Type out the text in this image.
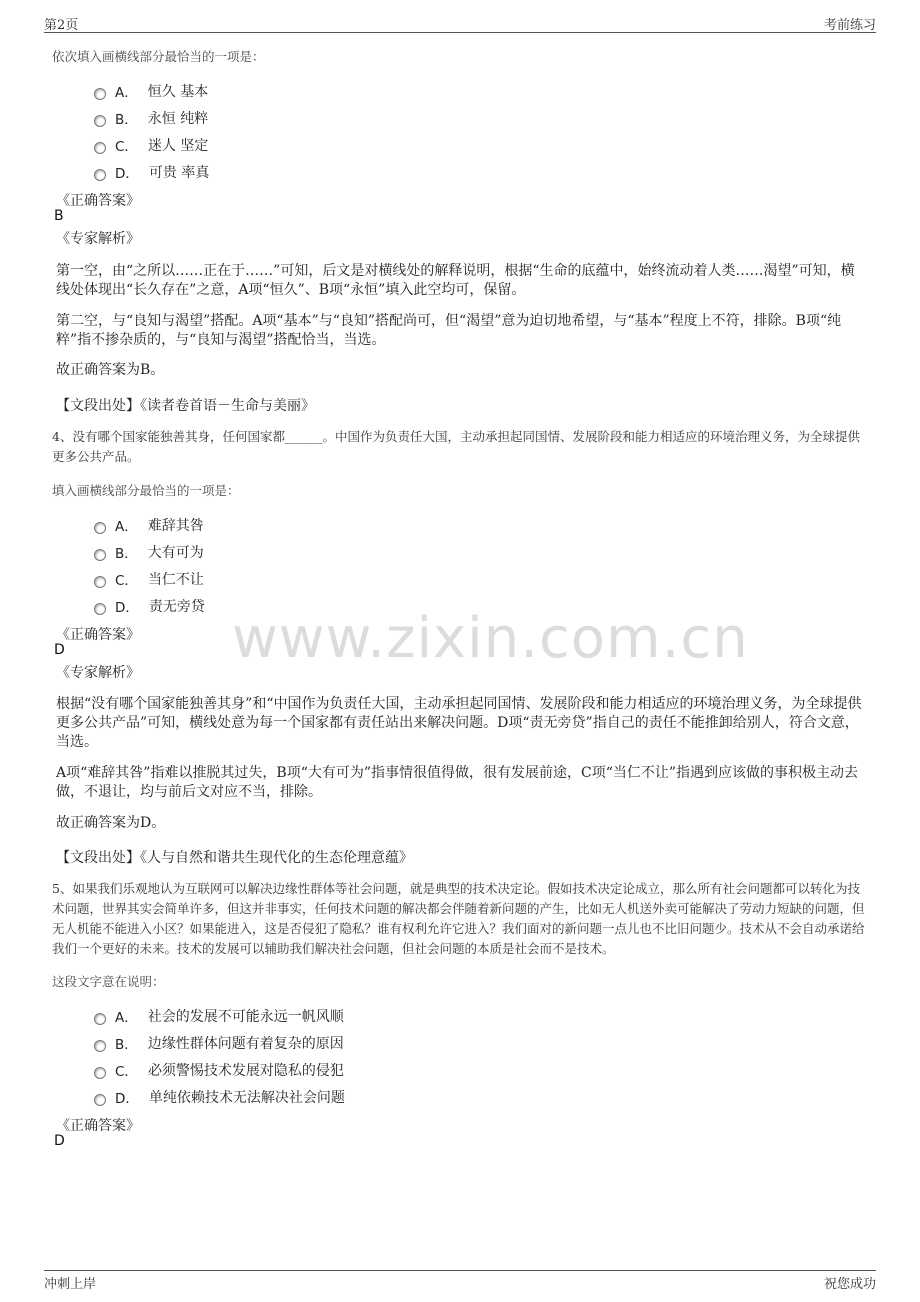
第2页	考前练习
www.zixin.com.cn
依次填入画横线部分最恰当的一项是：
A． 恒久 基本
B． 永恒 纯粹
C． 迷人 坚定
D． 可贵 率真
《正确答案》
B
《专家解析》
第一空，由“之所以……正在于……”可知，后文是对横线处的解释说明，根据“生命的底蕴中，始终流动着人类……渴望”可知，横线处体现出“长久存在”之意，A项“恒久”、B项“永恒”填入此空均可，保留。
第二空，与“良知与渴望”搭配。A项“基本”与“良知”搭配尚可，但“渴望”意为迫切地希望，与“基本”程度上不符，排除。B项“纯粹”指不掺杂质的，与“良知与渴望”搭配恰当，当选。
故正确答案为B。
【文段出处】《读者卷首语－生命与美丽》
4、没有哪个国家能独善其身，任何国家都______。中国作为负责任大国，主动承担起同国情、发展阶段和能力相适应的环境治理义务，为全球提供更多公共产品。
填入画横线部分最恰当的一项是：
A． 难辞其咎
B． 大有可为
C． 当仁不让
D． 责无旁贷
《正确答案》
D
《专家解析》
根据“没有哪个国家能独善其身”和“中国作为负责任大国，主动承担起同国情、发展阶段和能力相适应的环境治理义务，为全球提供更多公共产品”可知，横线处意为每一个国家都有责任站出来解决问题。D项“责无旁贷”指自己的责任不能推卸给别人，符合文意，当选。
A项“难辞其咎”指难以推脱其过失，B项“大有可为”指事情很值得做，很有发展前途，C项“当仁不让”指遇到应该做的事积极主动去做，不退让，均与前后文对应不当，排除。
故正确答案为D。
【文段出处】《人与自然和谐共生现代化的生态伦理意蕴》
5、如果我们乐观地认为互联网可以解决边缘性群体等社会问题，就是典型的技术决定论。假如技术决定论成立，那么所有社会问题都可以转化为技术问题，世界其实会简单许多，但这并非事实，任何技术问题的解决都会伴随着新问题的产生，比如无人机送外卖可能解决了劳动力短缺的问题，但无人机能不能进入小区？如果能进入，这是否侵犯了隐私？谁有权利允许它进入？我们面对的新问题一点儿也不比旧问题少。技术从不会自动承诺给我们一个更好的未来。技术的发展可以辅助我们解决社会问题，但社会问题的本质是社会而不是技术。
这段文字意在说明：
A． 社会的发展不可能永远一帆风顺
B． 边缘性群体问题有着复杂的原因
C． 必须警惕技术发展对隐私的侵犯
D． 单纯依赖技术无法解决社会问题
《正确答案》
D
冲刺上岸	祝您成功
